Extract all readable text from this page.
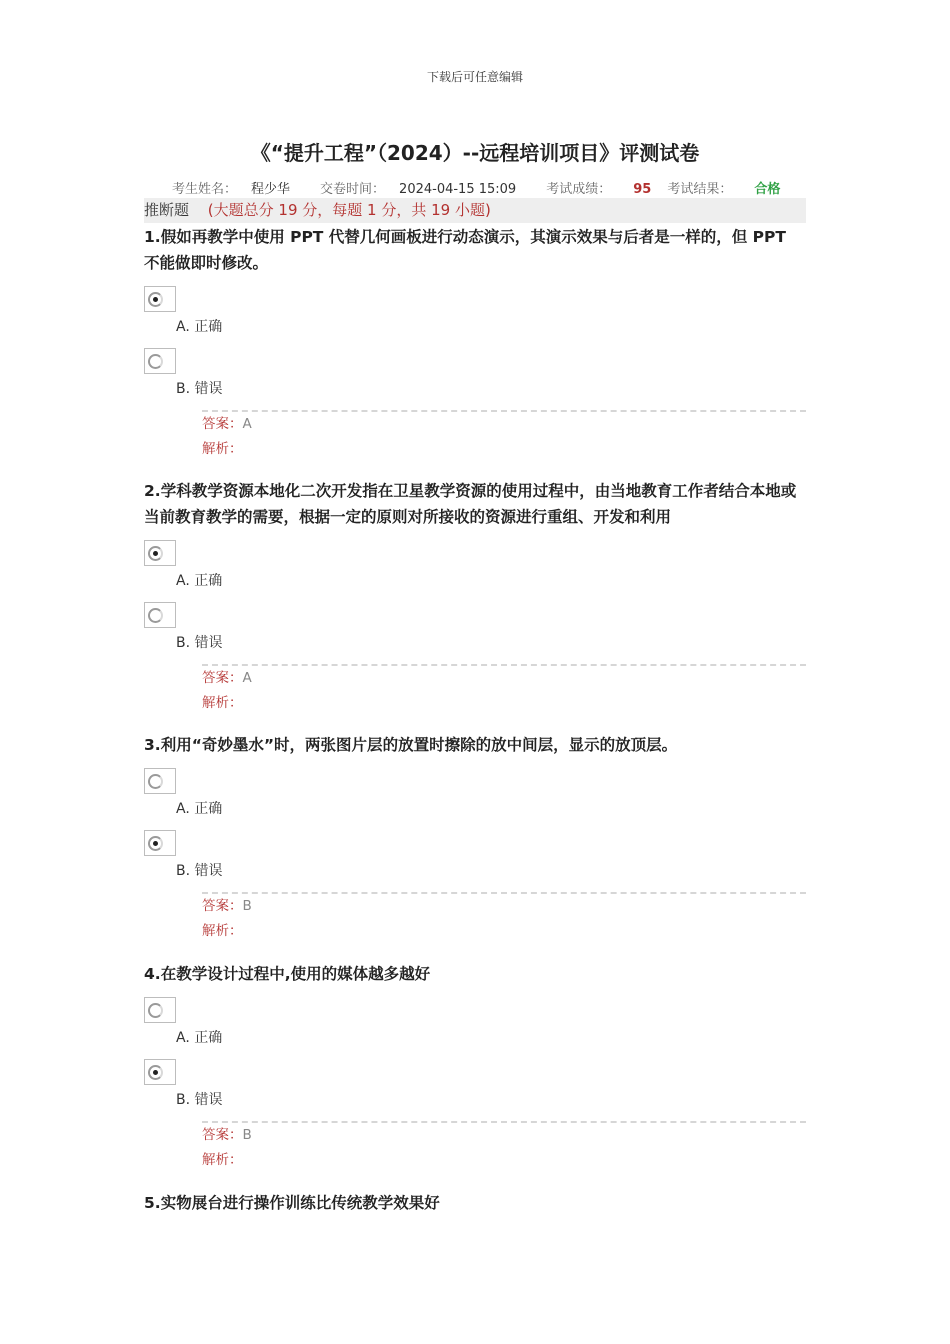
下载后可任意编辑
《“提升工程”（2024）--远程培训项目》评测试卷
考生姓名： 程少华 交卷时间： 2024-04-15 15:09 考试成绩： 95 考试结果： 合格
推断题 (大题总分 19 分，每题 1 分，共 19 小题)
1.假如再教学中使用 PPT 代替几何画板进行动态演示，其演示效果与后者是一样的，但 PPT 不能做即时修改。
A. 正确
B. 错误
答案：A
解析：
2.学科教学资源本地化二次开发指在卫星教学资源的使用过程中，由当地教育工作者结合本地或当前教育教学的需要，根据一定的原则对所接收的资源进行重组、开发和利用
A. 正确
B. 错误
答案：A
解析：
3.利用“奇妙墨水”时，两张图片层的放置时擦除的放中间层，显示的放顶层。
A. 正确
B. 错误
答案：B
解析：
4.在教学设计过程中,使用的媒体越多越好
A. 正确
B. 错误
答案：B
解析：
5.实物展台进行操作训练比传统教学效果好
